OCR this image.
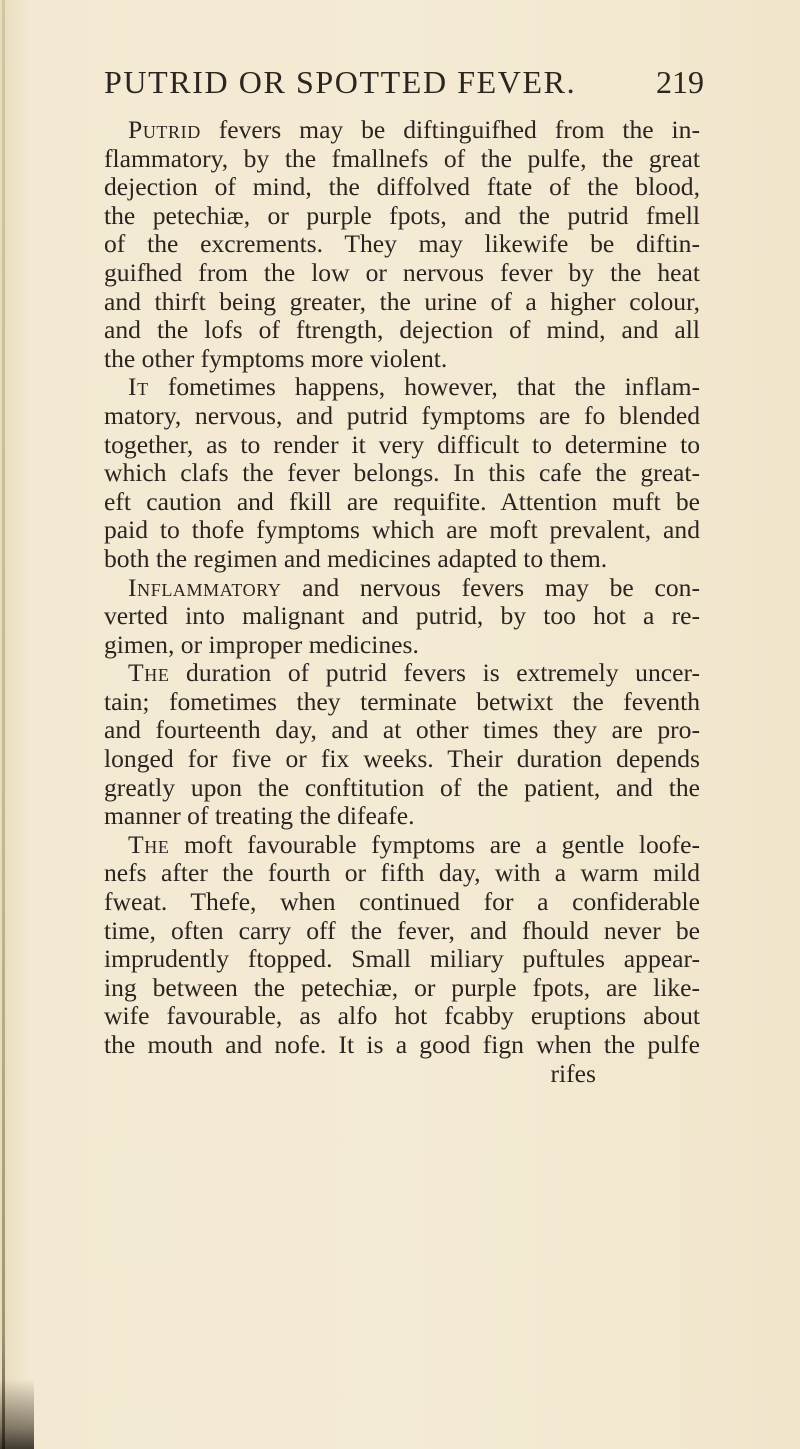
PUTRID OR SPOTTED FEVER. 219
Putrid fevers may be diftinguifhed from the in-
flammatory, by the fmallnefs of the pulfe, the great
dejection of mind, the diffolved ftate of the blood,
the petechiæ, or purple fpots, and the putrid fmell
of the excrements. They may likewife be diftin-
guifhed from the low or nervous fever by the heat
and thirft being greater, the urine of a higher colour,
and the lofs of ftrength, dejection of mind, and all
the other fymptoms more violent.
It fometimes happens, however, that the inflam-
matory, nervous, and putrid fymptoms are fo blended
together, as to render it very difficult to determine to
which clafs the fever belongs. In this cafe the great-
eft caution and fkill are requifite. Attention muft be
paid to thofe fymptoms which are moft prevalent, and
both the regimen and medicines adapted to them.
Inflammatory and nervous fevers may be con-
verted into malignant and putrid, by too hot a re-
gimen, or improper medicines.
The duration of putrid fevers is extremely uncer-
tain; fometimes they terminate betwixt the feventh
and fourteenth day, and at other times they are pro-
longed for five or fix weeks. Their duration depends
greatly upon the conftitution of the patient, and the
manner of treating the difeafe.
The moft favourable fymptoms are a gentle loofe-
nefs after the fourth or fifth day, with a warm mild
fweat. Thefe, when continued for a confiderable
time, often carry off the fever, and fhould never be
imprudently ftopped. Small miliary puftules appear-
ing between the petechiæ, or purple fpots, are like-
wife favourable, as alfo hot fcabby eruptions about
the mouth and nofe. It is a good fign when the pulfe
rifes
